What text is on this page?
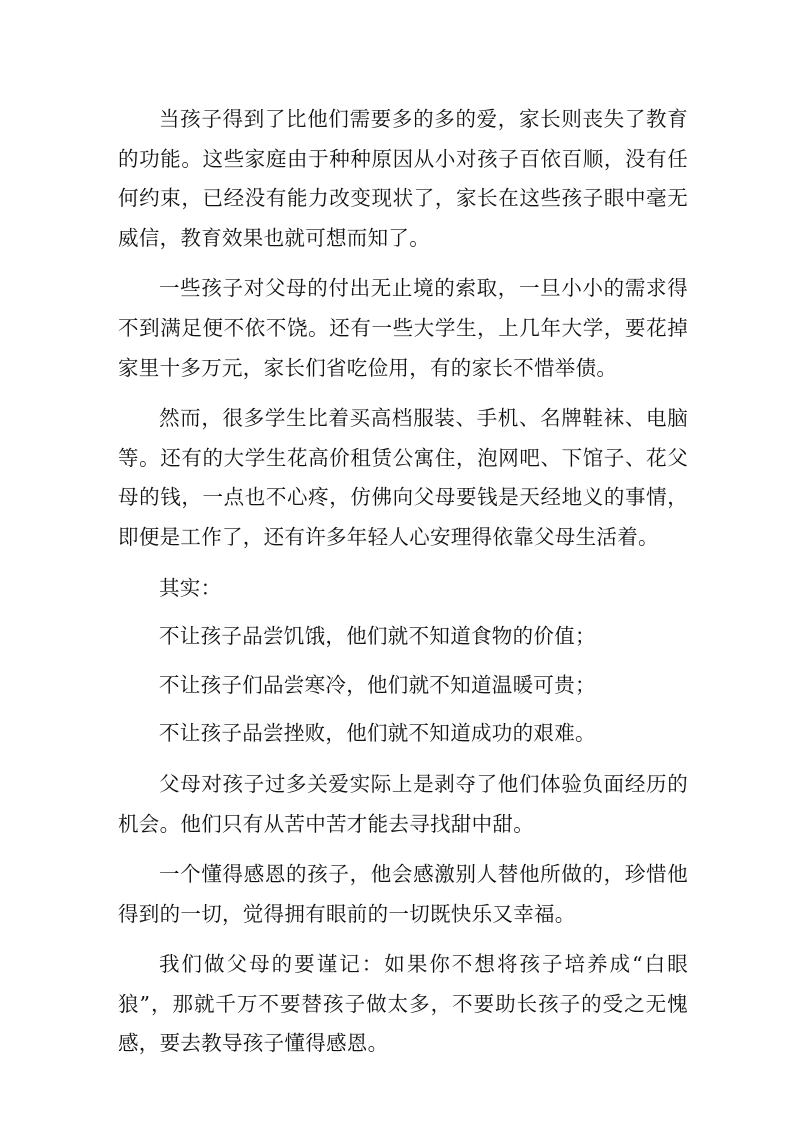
当孩子得到了比他们需要多的多的爱，家长则丧失了教育的功能。这些家庭由于种种原因从小对孩子百依百顺，没有任何约束，已经没有能力改变现状了，家长在这些孩子眼中毫无威信，教育效果也就可想而知了。

一些孩子对父母的付出无止境的索取，一旦小小的需求得不到满足便不依不饶。还有一些大学生，上几年大学，要花掉家里十多万元，家长们省吃俭用，有的家长不惜举债。

然而，很多学生比着买高档服装、手机、名牌鞋袜、电脑等。还有的大学生花高价租赁公寓住，泡网吧、下馆子、花父母的钱，一点也不心疼，仿佛向父母要钱是天经地义的事情，即便是工作了，还有许多年轻人心安理得依靠父母生活着。

其实：

不让孩子品尝饥饿，他们就不知道食物的价值；

不让孩子们品尝寒冷，他们就不知道温暖可贵；

不让孩子品尝挫败，他们就不知道成功的艰难。

父母对孩子过多关爱实际上是剥夺了他们体验负面经历的机会。他们只有从苦中苦才能去寻找甜中甜。

一个懂得感恩的孩子，他会感激别人替他所做的，珍惜他得到的一切，觉得拥有眼前的一切既快乐又幸福。

我们做父母的要谨记：如果你不想将孩子培养成“白眼狼”，那就千万不要替孩子做太多，不要助长孩子的受之无愧感，要去教导孩子懂得感恩。
